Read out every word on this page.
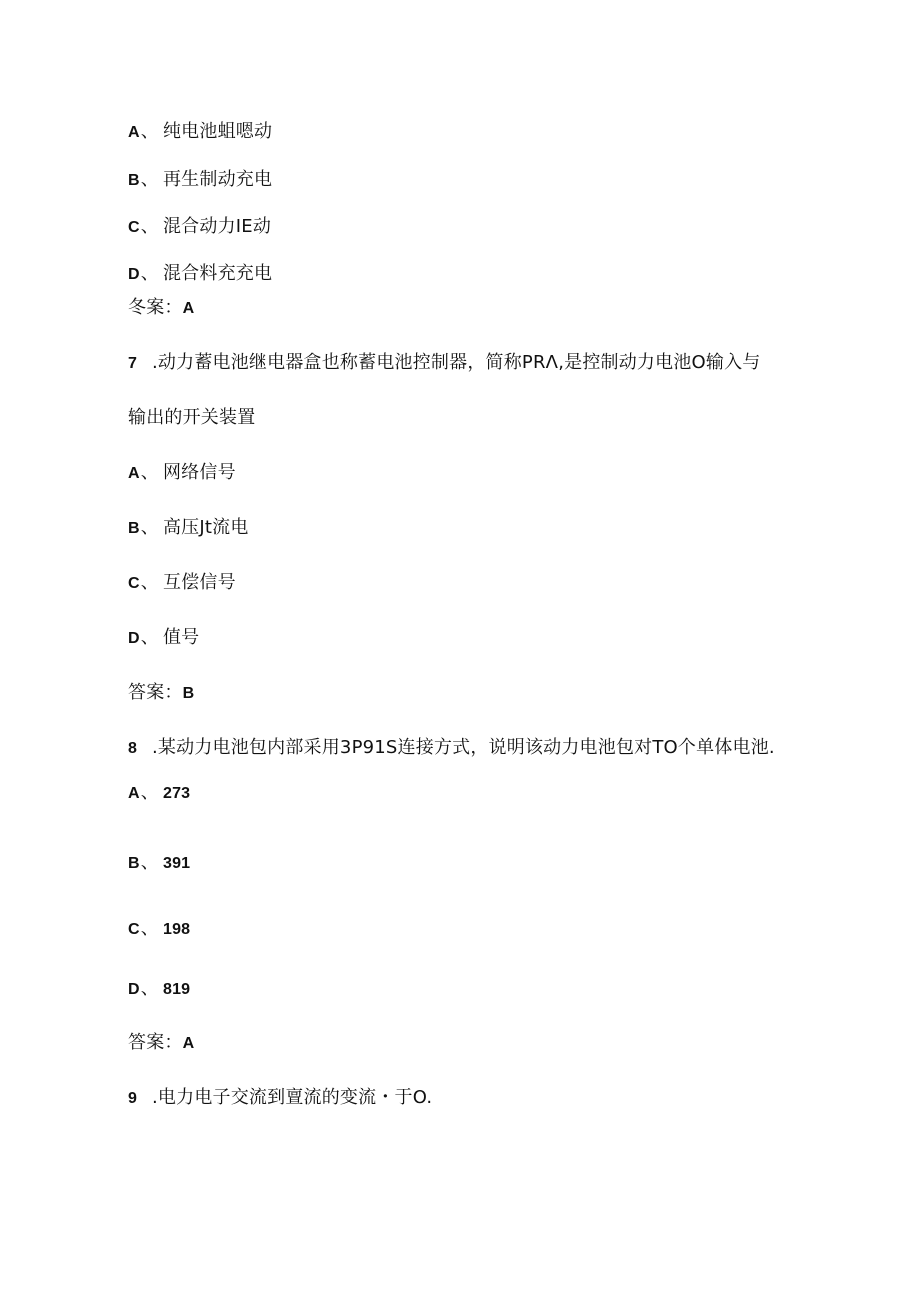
A、 纯电池蛆嗯动
B、 再生制动充电
C、 混合动力IE动
D、 混合料充充电
冬案：A
7 .动力蓄电池继电器盒也称蓄电池控制器，简称PRΛ,是控制动力电池O输入与
输出的开关装置
A、 网络信号
B、 高压Jt流电
C、 互偿信号
D、 值号
答案：B
8 .某动力电池包内部采用3P91S连接方式，说明该动力电池包对TO个单体电池.
A、 273
B、 391
C、 198
D、 819
答案：A
9 .电力电子交流到亶流的变流・于O.
